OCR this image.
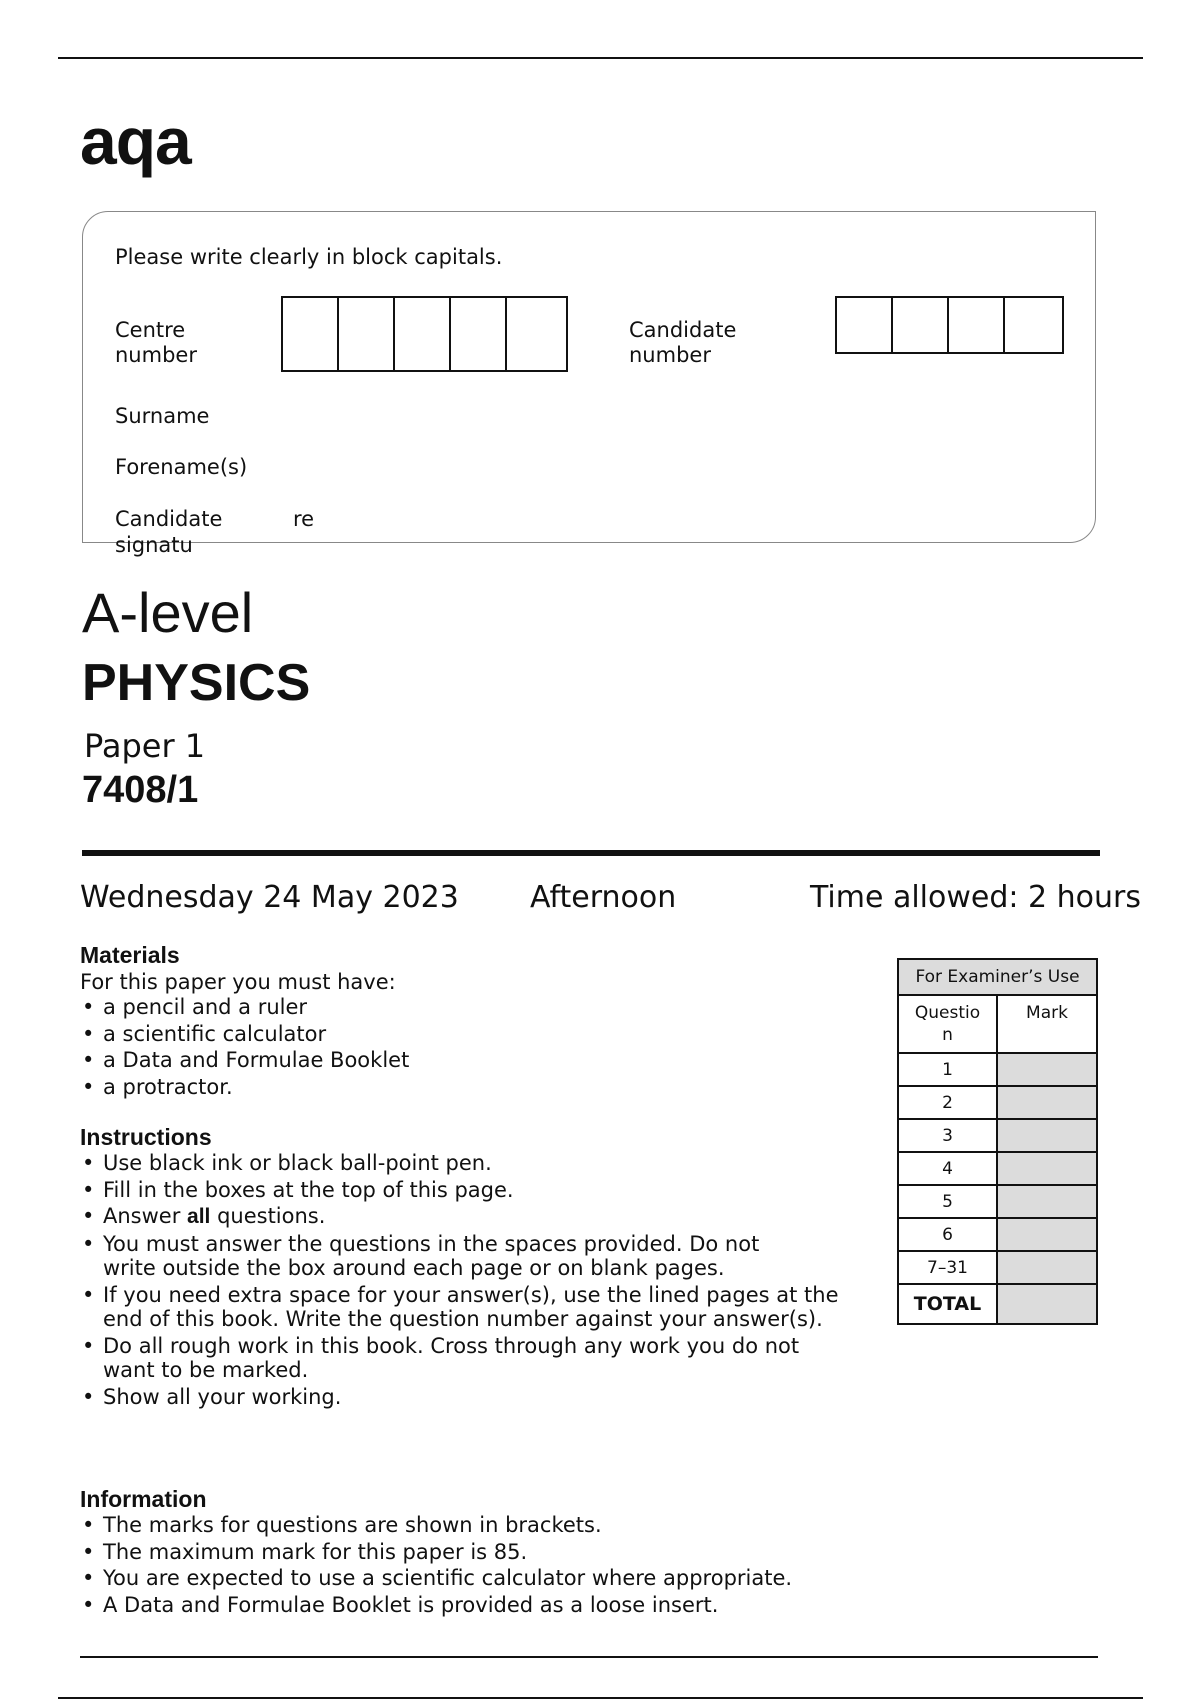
aqa
Please write clearly in block capitals.
Centre
number
Candidate
number
Surname
Forename(s)
Candidate	re
signatu
A-level
PHYSICS
Paper 1
7408/1
Wednesday 24 May 2023 Afternoon	Time allowed: 2 hours
Materials
For this paper you must have:
• a pencil and a ruler
• a scientific calculator
• a Data and Formulae Booklet
• a protractor.
Instructions
• Use black ink or black ball-point pen.
• Fill in the boxes at the top of this page.
• Answer all questions.
• You must answer the questions in the spaces provided. Do not write outside the box around each page or on blank pages.
• If you need extra space for your answer(s), use the lined pages at the end of this book. Write the question number against your answer(s).
• Do all rough work in this book. Cross through any work you do not want to be marked.
• Show all your working.
Information
• The marks for questions are shown in brackets.
• The maximum mark for this paper is 85.
• You are expected to use a scientific calculator where appropriate.
• A Data and Formulae Booklet is provided as a loose insert.
For Examiner’s Use	

Questio
n	Mark
1	
2	
3	
4	
5	
6	
7–31	
TOTAL	
